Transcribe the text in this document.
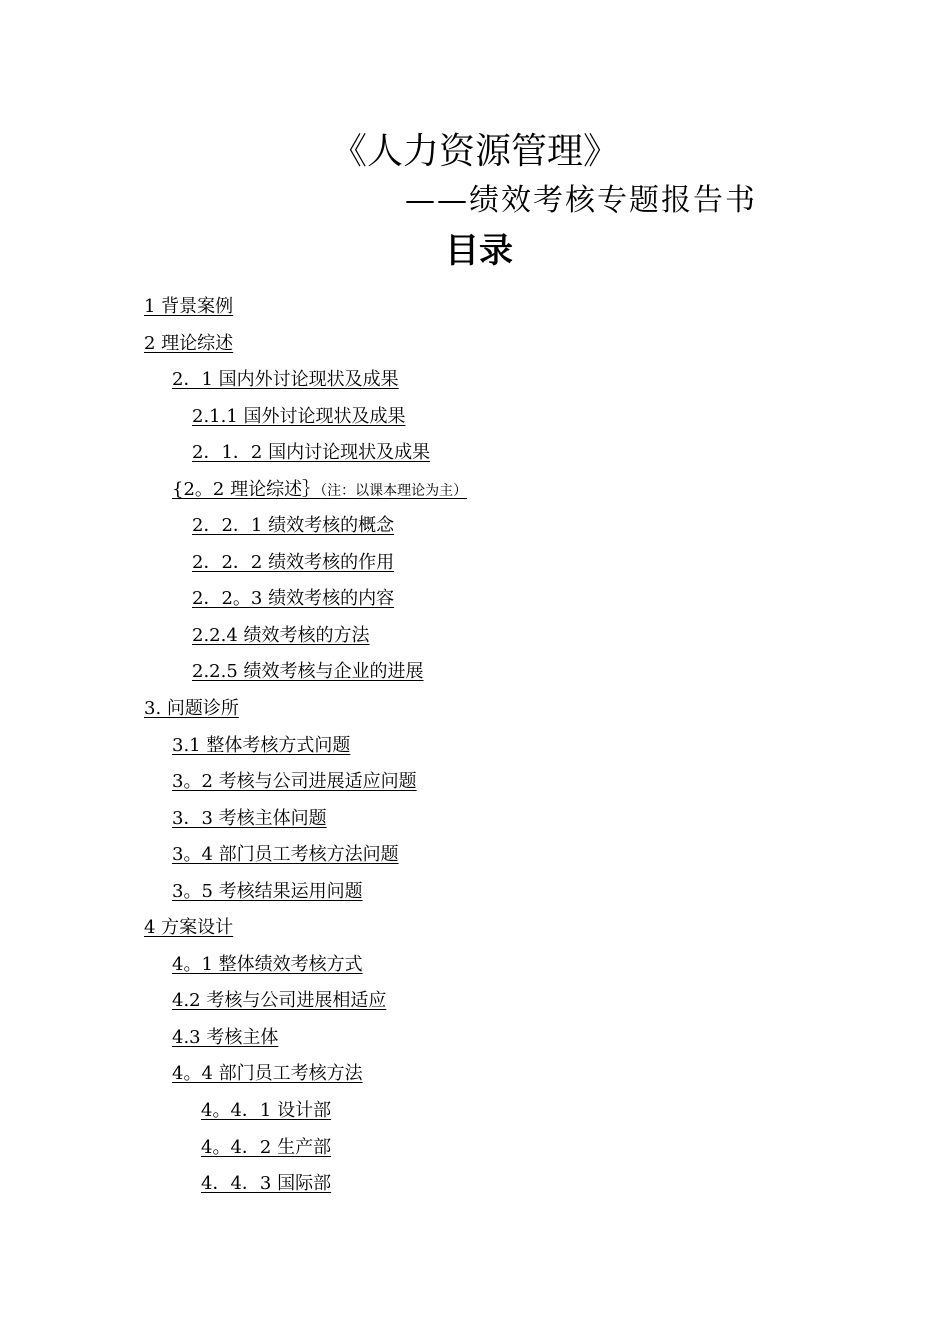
《人力资源管理》
——绩效考核专题报告书
目录
1 背景案例
2 理论综述
2．1 国内外讨论现状及成果
2.1.1 国外讨论现状及成果
2．1．2 国内讨论现状及成果
{2。2 理论综述｝（注：以课本理论为主）
2．2．1 绩效考核的概念
2．2．2 绩效考核的作用
2．2。3 绩效考核的内容
2.2.4 绩效考核的方法
2.2.5 绩效考核与企业的进展
3. 问题诊所
3.1 整体考核方式问题
3。2 考核与公司进展适应问题
3．3 考核主体问题
3。4 部门员工考核方法问题
3。5 考核结果运用问题
4 方案设计
4。1 整体绩效考核方式
4.2 考核与公司进展相适应
4.3 考核主体
4。4 部门员工考核方法
4。4．1 设计部
4。4．2 生产部
4．4．3 国际部
